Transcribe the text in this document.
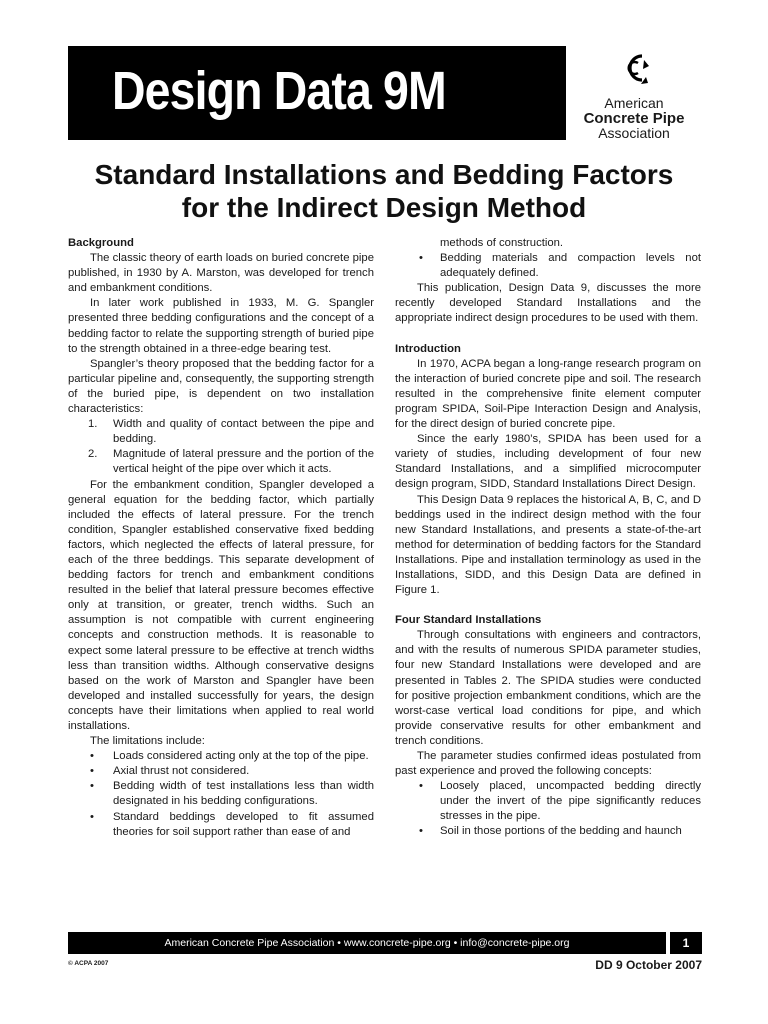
Design Data 9M	American
Concrete Pipe
Association
Standard Installations and Bedding Factors
for the Indirect Design Method
Background

The classic theory of earth loads on buried concrete pipe published, in 1930 by A. Marston, was developed for trench and embankment conditions.

In later work published in 1933, M. G. Spangler presented three bedding configurations and the concept of a bedding factor to relate the supporting strength of buried pipe to the strength obtained in a three-edge bearing test.

Spangler’s theory proposed that the bedding factor for a particular pipeline and, consequently, the supporting strength of the buried pipe, is dependent on two installation characteristics:

1. Width and quality of contact between the pipe and bedding.
2. Magnitude of lateral pressure and the portion of the vertical height of the pipe over which it acts.

For the embankment condition, Spangler developed a general equation for the bedding factor, which partially included the effects of lateral pressure. For the trench condition, Spangler established conservative fixed bedding factors, which neglected the effects of lateral pressure, for each of the three beddings. This separate development of bedding factors for trench and embankment conditions resulted in the belief that lateral pressure becomes effective only at transition, or greater, trench widths. Such an assumption is not compatible with current engineering concepts and construction methods. It is reasonable to expect some lateral pressure to be effective at trench widths less than transition widths. Although conservative designs based on the work of Marston and Spangler have been developed and installed successfully for years, the design concepts have their limitations when applied to real world installations.

The limitations include:

• Loads considered acting only at the top of the pipe.
• Axial thrust not considered.
• Bedding width of test installations less than width designated in his bedding configurations.
• Standard beddings developed to fit assumed theories for soil support rather than ease of and
methods of construction.
• Bedding materials and compaction levels not adequately defined.

This publication, Design Data 9, discusses the more recently developed Standard Installations and the appropriate indirect design procedures to be used with them.

Introduction

In 1970, ACPA began a long-range research program on the interaction of buried concrete pipe and soil. The research resulted in the comprehensive finite element computer program SPIDA, Soil-Pipe Interaction Design and Analysis, for the direct design of buried concrete pipe.

Since the early 1980’s, SPIDA has been used for a variety of studies, including development of four new Standard Installations, and a simplified microcomputer design program, SIDD, Standard Installations Direct Design.

This Design Data 9 replaces the historical A, B, C, and D beddings used in the indirect design method with the four new Standard Installations, and presents a state-of-the-art method for determination of bedding factors for the Standard Installations. Pipe and installation terminology as used in the Installations, SIDD, and this Design Data are defined in Figure 1.

Four Standard Installations

Through consultations with engineers and contractors, and with the results of numerous SPIDA parameter studies, four new Standard Installations were developed and are presented in Tables 2. The SPIDA studies were conducted for positive projection embankment conditions, which are the worst-case vertical load conditions for pipe, and which provide conservative results for other embankment and trench conditions.

The parameter studies confirmed ideas postulated from past experience and proved the following concepts:

• Loosely placed, uncompacted bedding directly under the invert of the pipe significantly reduces stresses in the pipe.
• Soil in those portions of the bedding and haunch
American Concrete Pipe Association • www.concrete-pipe.org • info@concrete-pipe.org	1
© ACPA 2007	DD 9 October 2007
